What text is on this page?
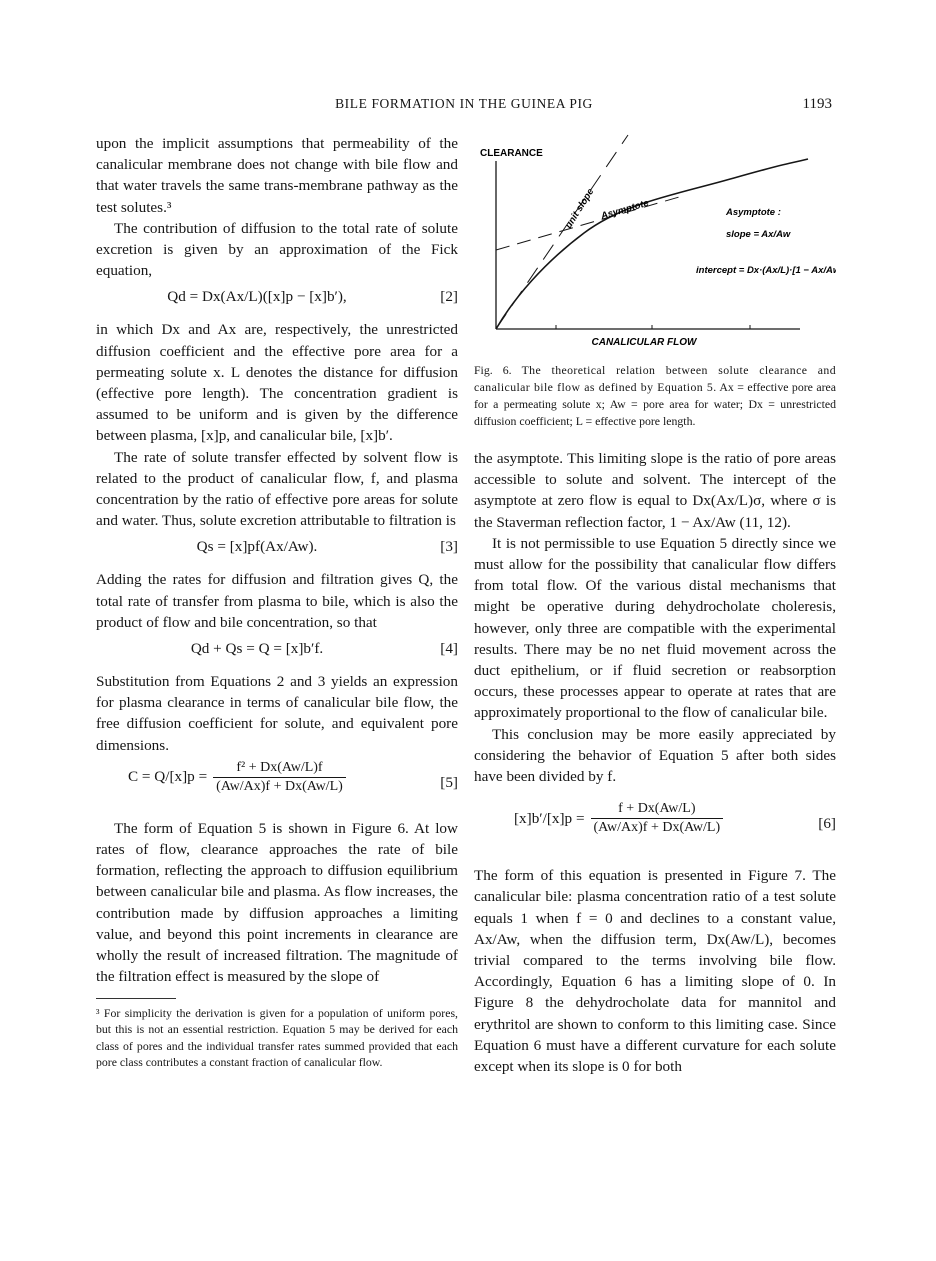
BILE FORMATION IN THE GUINEA PIG	1193

upon the implicit assumptions that permeability of the canalicular membrane does not change with bile flow and that water travels the same trans-membrane pathway as the test solutes.³

The contribution of diffusion to the total rate of solute excretion is given by an approximation of the Fick equation,

Qd = Dx(Ax/L)([x]p − [x]b′),	[2]

in which Dx and Ax are, respectively, the unrestricted diffusion coefficient and the effective pore area for a permeating solute x. L denotes the distance for diffusion (effective pore length). The concentration gradient is assumed to be uniform and is given by the difference between plasma, [x]p, and canalicular bile, [x]b′.

The rate of solute transfer effected by solvent flow is related to the product of canalicular flow, f, and plasma concentration by the ratio of effective pore areas for solute and water. Thus, solute excretion attributable to filtration is

Qs = [x]pf(Ax/Aw).	[3]

Adding the rates for diffusion and filtration gives Q, the total rate of transfer from plasma to bile, which is also the product of flow and bile concentration, so that

Qd + Qs = Q = [x]b′f.	[4]

Substitution from Equations 2 and 3 yields an expression for plasma clearance in terms of canalicular bile flow, the free diffusion coefficient for solute, and equivalent pore dimensions.

$C = Q/[x]p = \frac{\text{f² + Dx(Aw/L)f}}{(Aw/Ax)f + Dx(Aw/L)}$	[5]

The form of Equation 5 is shown in Figure 6. At low rates of flow, clearance approaches the rate of bile formation, reflecting the approach to diffusion equilibrium between canalicular bile and plasma. As flow increases, the contribution made by diffusion approaches a limiting value, and beyond this point increments in clearance are wholly the result of increased filtration. The magnitude of the filtration effect is measured by the slope of

³ For simplicity the derivation is given for a population of uniform pores, but this is not an essential restriction. Equation 5 may be derived for each class of pores and the individual transfer rates summed provided that each pore class contributes a constant fraction of canalicular flow.

CLEARANCE
CANALICULAR FLOW
unit slope Asymptote	Asymptote :
slope = Ax/Aw
intercept = Dx·(Ax/L)·[1 − Ax/Aw]

Fig. 6. The theoretical relation between solute clearance and canalicular bile flow as defined by Equation 5. Ax = effective pore area for a permeating solute x; Aw = pore area for water; Dx = unrestricted diffusion coefficient; L = effective pore length.

the asymptote. This limiting slope is the ratio of pore areas accessible to solute and solvent. The intercept of the asymptote at zero flow is equal to Dx(Ax/L)σ, where σ is the Staverman reflection factor, 1 − Ax/Aw (11, 12).

It is not permissible to use Equation 5 directly since we must allow for the possibility that canalicular flow differs from total flow. Of the various distal mechanisms that might be operative during dehydrocholate choleresis, however, only three are compatible with the experimental results. There may be no net fluid movement across the duct epithelium, or if fluid secretion or reabsorption occurs, these processes appear to operate at rates that are approximately proportional to the flow of canalicular bile.

This conclusion may be more easily appreciated by considering the behavior of Equation 5 after both sides have been divided by f.

$[x]b'/[x]p = \frac{f + Dx(Aw/L)}{(Aw/Ax)f + Dx(Aw/L)}$	[6]

The form of this equation is presented in Figure 7. The canalicular bile: plasma concentration ratio of a test solute equals 1 when f = 0 and declines to a constant value, Ax/Aw, when the diffusion term, Dx(Aw/L), becomes trivial compared to the terms involving bile flow. Accordingly, Equation 6 has a limiting slope of 0. In Figure 8 the dehydrocholate data for mannitol and erythritol are shown to conform to this limiting case. Since Equation 6 must have a different curvature for each solute except when its slope is 0 for both
